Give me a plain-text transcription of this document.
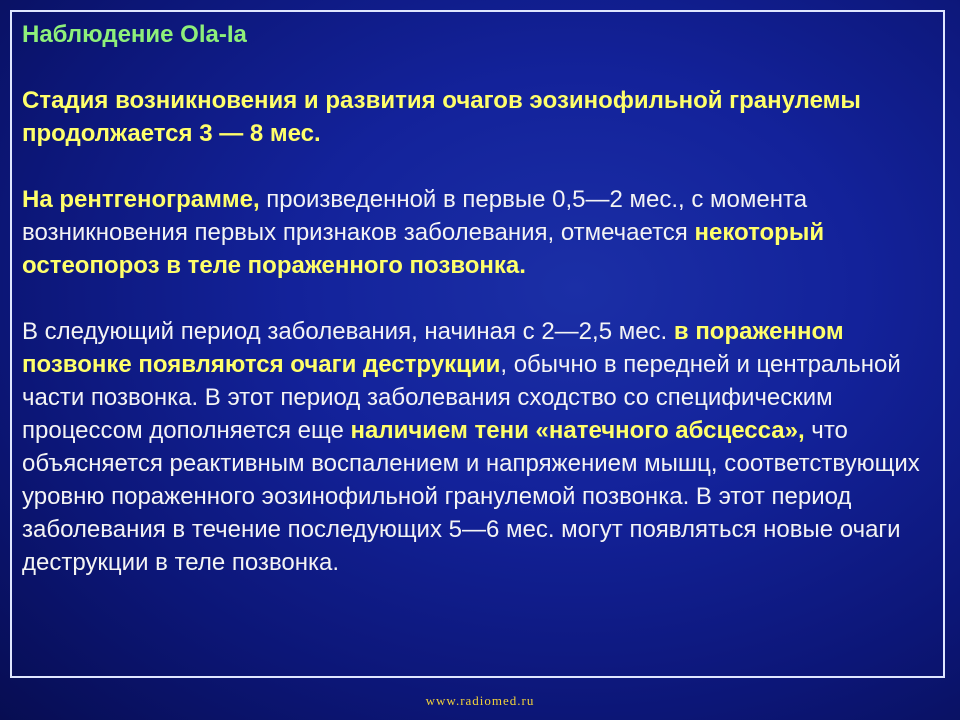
Наблюдение Ola-Ia

Стадия возникновения и развития очагов эозинофильной гранулемы продолжается 3 — 8 мес.

На рентгенограмме, произведенной в первые 0,5—2 мес., с момента возникновения первых признаков заболевания, отмечается некоторый остеопороз в теле пораженного позвонка.

В следующий период заболевания, начиная с 2—2,5 мес. в пораженном позвонке появляются очаги деструкции, обычно в передней и центральной части позвонка. В этот период заболевания сходство со специфическим процессом дополняется еще наличием тени «натечного абсцесса», что объясняется реактивным воспалением и напряжением мышц, соответствующих уровню пораженного эозинофильной гранулемой позвонка. В этот период заболевания в течение последующих 5—6 мес. могут появляться новые очаги деструкции в теле позвонка.

www.radiomed.ru
